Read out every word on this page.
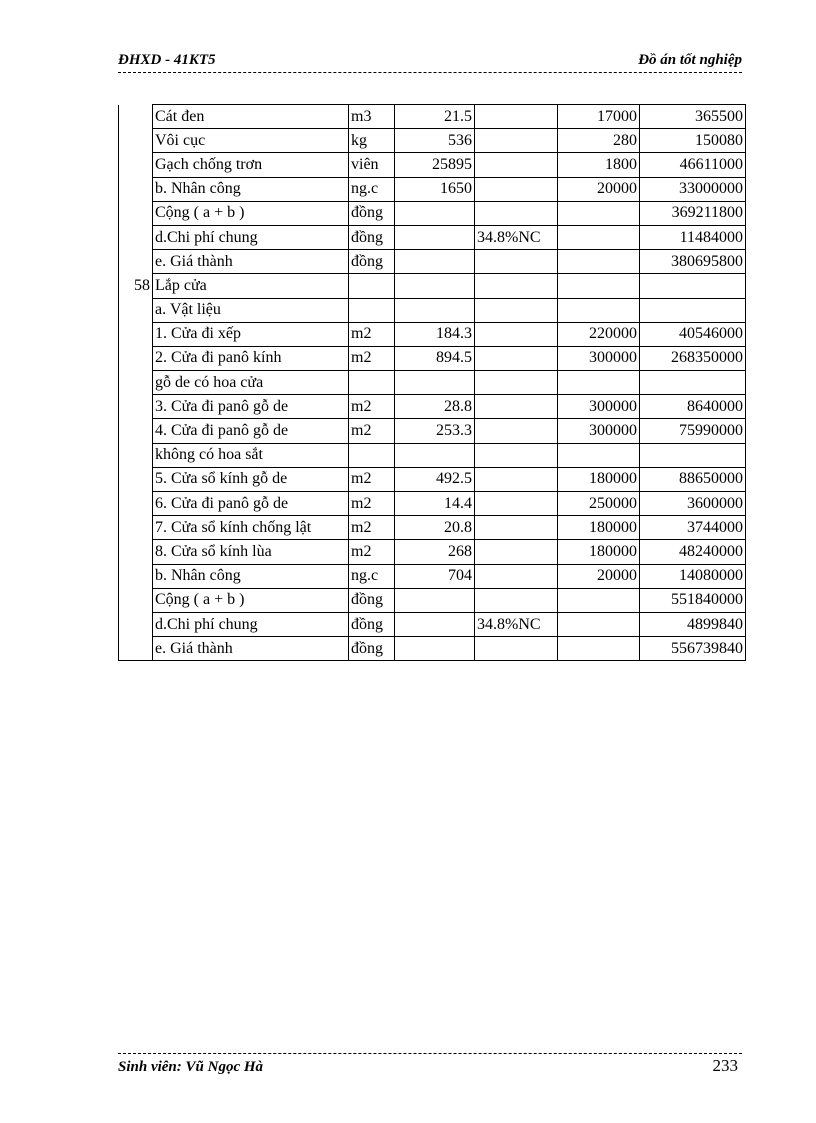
ĐHXD - 41KT5	Đồ án tốt nghiệp
	Cát đen	m3	21.5		17000	365500
	Vôi cục	kg	536		280	150080
	Gạch chống trơn	viên	25895		1800	46611000
	b. Nhân công	ng.c	1650		20000	33000000
	Cộng ( a + b )	đồng				369211800
	d.Chi phí chung	đồng		34.8%NC		11484000
	e. Giá thành	đồng				380695800
58	Lắp cửa					
	a. Vật liệu					
	1. Cửa đi xếp	m2	184.3		220000	40546000
	2. Cửa đi panô kính	m2	894.5		300000	268350000
	gỗ de có hoa cửa					
	3. Cửa đi panô gỗ de	m2	28.8		300000	8640000
	4. Cửa đi panô gỗ de	m2	253.3		300000	75990000
	không có hoa sắt					
	5. Cửa sổ kính gỗ de	m2	492.5		180000	88650000
	6. Cửa đi panô gỗ de	m2	14.4		250000	3600000
	7. Cửa sổ kính chống lật	m2	20.8		180000	3744000
	8. Cửa sổ kính lùa	m2	268		180000	48240000
	b. Nhân công	ng.c	704		20000	14080000
	Cộng ( a + b )	đồng				551840000
	d.Chi phí chung	đồng		34.8%NC		4899840
	e. Giá thành	đồng				556739840
Sinh viên: Vũ Ngọc Hà	233
